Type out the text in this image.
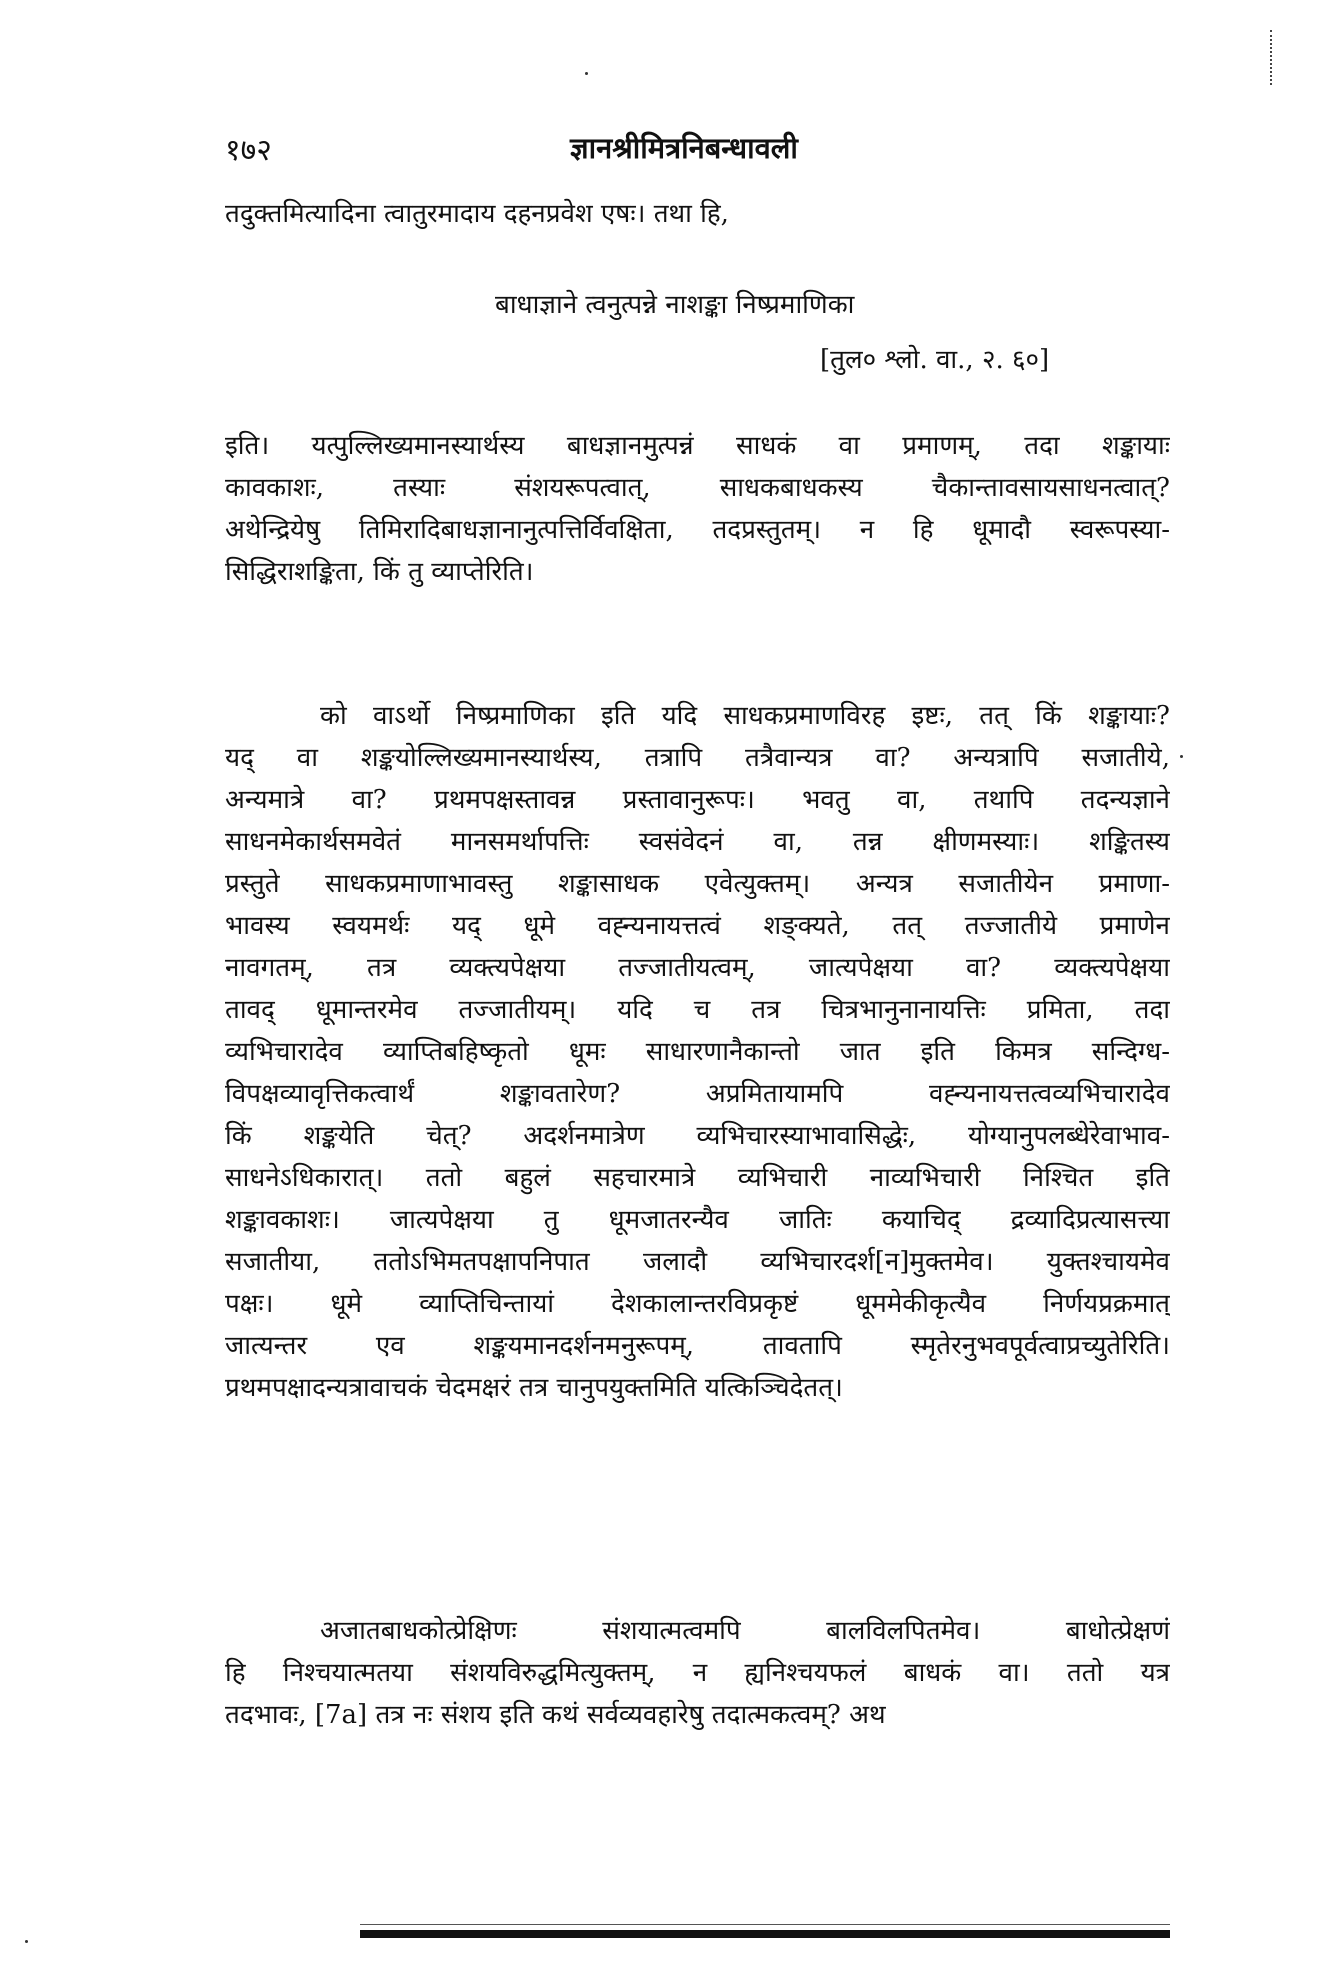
१७२	ज्ञानश्रीमित्रनिबन्धावली
तदुक्तमित्यादिना त्वातुरमादाय दहनप्रवेश एषः। तथा हि,
बाधाज्ञाने त्वनुत्पन्ने नाशङ्का निष्प्रमाणिका
[तुल० श्लो. वा., २. ६०]
इति। यत्पुल्लिख्यमानस्यार्थस्य बाधज्ञानमुत्पन्नं साधकं वा प्रमाणम्, तदा शङ्कायाः
कावकाशः, तस्याः संशयरूपत्वात्, साधकबाधकस्य चैकान्तावसायसाधनत्वात्?
अथेन्द्रियेषु तिमिरादिबाधज्ञानानुत्पत्तिर्विवक्षिता, तदप्रस्तुतम्। न हि धूमादौ स्वरूपस्या-
सिद्धिराशङ्किता, किं तु व्याप्तेरिति।
को वाऽर्थो निष्प्रमाणिका इति यदि साधकप्रमाणविरह इष्टः, तत् किं शङ्कायाः?
यद् वा शङ्कयोल्लिख्यमानस्यार्थस्य, तत्रापि तत्रैवान्यत्र वा? अन्यत्रापि सजातीये,
अन्यमात्रे वा? प्रथमपक्षस्तावन्न प्रस्तावानुरूपः। भवतु वा, तथापि तदन्यज्ञाने
साधनमेकार्थसमवेतं मानसमर्थापत्तिः स्वसंवेदनं वा, तन्न क्षीणमस्याः। शङ्कितस्य
प्रस्तुते साधकप्रमाणाभावस्तु शङ्कासाधक एवेत्युक्तम्। अन्यत्र सजातीयेन प्रमाणा-
भावस्य स्वयमर्थः यद् धूमे वह्न्यनायत्तत्वं शङ्क्यते, तत् तज्जातीये प्रमाणेन
नावगतम्, तत्र व्यक्त्यपेक्षया तज्जातीयत्वम्, जात्यपेक्षया वा? व्यक्त्यपेक्षया
तावद् धूमान्तरमेव तज्जातीयम्। यदि च तत्र चित्रभानुनानायत्तिः प्रमिता, तदा
व्यभिचारादेव व्याप्तिबहिष्कृतो धूमः साधारणानैकान्तो जात इति किमत्र सन्दिग्ध-
विपक्षव्यावृत्तिकत्वार्थं शङ्कावतारेण? अप्रमितायामपि वह्न्यनायत्तत्वव्यभिचारादेव
किं शङ्कयेति चेत्? अदर्शनमात्रेण व्यभिचारस्याभावासिद्धेः, योग्यानुपलब्धेरेवाभाव-
साधनेऽधिकारात्। ततो बहुलं सहचारमात्रे व्यभिचारी नाव्यभिचारी निश्चित इति
शङ्कावकाशः। जात्यपेक्षया तु धूमजातरन्यैव जातिः कयाचिद् द्रव्यादिप्रत्यासत्त्या
सजातीया, ततोऽभिमतपक्षापनिपात जलादौ व्यभिचारदर्श[न]मुक्तमेव। युक्तश्चायमेव
पक्षः। धूमे व्याप्तिचिन्तायां देशकालान्तरविप्रकृष्टं धूममेकीकृत्यैव निर्णयप्रक्रमात्
जात्यन्तर एव शङ्कयमानदर्शनमनुरूपम्, तावतापि स्मृतेरनुभवपूर्वत्वाप्रच्युतेरिति।
प्रथमपक्षादन्यत्रावाचकं चेदमक्षरं तत्र चानुपयुक्तमिति यत्किञ्चिदेतत्।
अजातबाधकोत्प्रेक्षिणः संशयात्मत्वमपि बालविलपितमेव। बाधोत्प्रेक्षणं
हि निश्चयात्मतया संशयविरुद्धमित्युक्तम्, न ह्यनिश्चयफलं बाधकं वा। ततो यत्र
तदभावः, [7a] तत्र नः संशय इति कथं सर्वव्यवहारेषु तदात्मकत्वम्? अथ
